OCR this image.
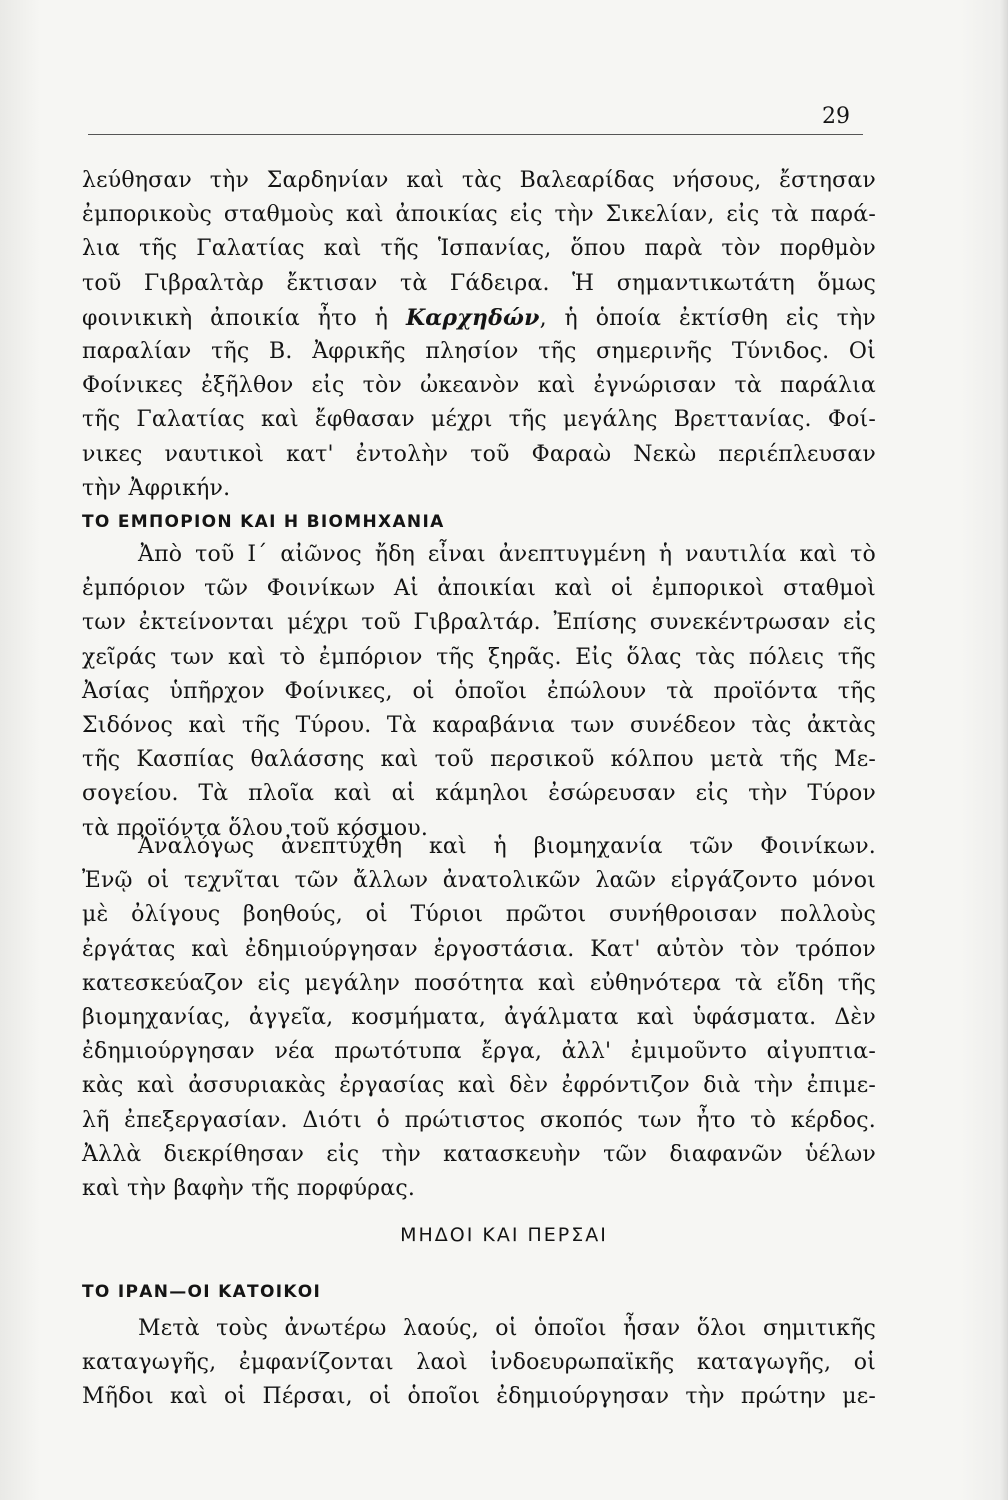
29
λεύθησαν τὴν Σαρδηνίαν καὶ τὰς Βαλεαρίδας νήσους, ἔστησαν
ἐμπορικοὺς σταθμοὺς καὶ ἀποικίας εἰς τὴν Σικελίαν, εἰς τὰ παρά-
λια τῆς Γαλατίας καὶ τῆς Ἱσπανίας, ὅπου παρὰ τὸν πορθμὸν
τοῦ Γιβραλτὰρ ἔκτισαν τὰ Γάδειρα. Ἡ σημαντικωτάτη ὅμως
φοινικικὴ ἀποικία ἦτο ἡ Καρχηδών, ἡ ὁποία ἐκτίσθη εἰς τὴν
παραλίαν τῆς Β. Ἀφρικῆς πλησίον τῆς σημερινῆς Τύνιδος. Οἱ
Φοίνικες ἐξῆλθον εἰς τὸν ὠκεανὸν καὶ ἐγνώρισαν τὰ παράλια
τῆς Γαλατίας καὶ ἔφθασαν μέχρι τῆς μεγάλης Βρεττανίας. Φοί-
νικες ναυτικοὶ κατ' ἐντολὴν τοῦ Φαραὼ Νεκὼ περιέπλευσαν
τὴν Ἀφρικήν.
ΤΟ ΕΜΠΟΡΙΟΝ ΚΑΙ Η ΒΙΟΜΗΧΑΝΙΑ
Ἀπὸ τοῦ Ι΄ αἰῶνος ἤδη εἶναι ἀνεπτυγμένη ἡ ναυτιλία καὶ τὸ
ἐμπόριον τῶν Φοινίκων Αἱ ἀποικίαι καὶ οἱ ἐμπορικοὶ σταθμοὶ
των ἐκτείνονται μέχρι τοῦ Γιβραλτάρ. Ἐπίσης συνεκέντρωσαν εἰς
χεῖράς των καὶ τὸ ἐμπόριον τῆς ξηρᾶς. Εἰς ὅλας τὰς πόλεις τῆς
Ἀσίας ὑπῆρχον Φοίνικες, οἱ ὁποῖοι ἐπώλουν τὰ προϊόντα τῆς
Σιδόνος καὶ τῆς Τύρου. Τὰ καραβάνια των συνέδεον τὰς ἀκτὰς
τῆς Κασπίας θαλάσσης καὶ τοῦ περσικοῦ κόλπου μετὰ τῆς Με-
σογείου. Τὰ πλοῖα καὶ αἱ κάμηλοι ἐσώρευσαν εἰς τὴν Τύρον
τὰ προϊόντα ὅλου τοῦ κόσμου.
Ἀναλόγως ἀνεπτύχθη καὶ ἡ βιομηχανία τῶν Φοινίκων.
Ἐνῷ οἱ τεχνῖται τῶν ἄλλων ἀνατολικῶν λαῶν εἰργάζοντο μόνοι
μὲ ὀλίγους βοηθούς, οἱ Τύριοι πρῶτοι συνήθροισαν πολλοὺς
ἐργάτας καὶ ἐδημιούργησαν ἐργοστάσια. Κατ' αὐτὸν τὸν τρόπον
κατεσκεύαζον εἰς μεγάλην ποσότητα καὶ εὐθηνότερα τὰ εἴδη τῆς
βιομηχανίας, ἀγγεῖα, κοσμήματα, ἀγάλματα καὶ ὑφάσματα. Δὲν
ἐδημιούργησαν νέα πρωτότυπα ἔργα, ἀλλ' ἐμιμοῦντο αἰγυπτια-
κὰς καὶ ἀσσυριακὰς ἐργασίας καὶ δὲν ἐφρόντιζον διὰ τὴν ἐπιμε-
λῆ ἐπεξεργασίαν. Διότι ὁ πρώτιστος σκοπός των ἦτο τὸ κέρδος.
Ἀλλὰ διεκρίθησαν εἰς τὴν κατασκευὴν τῶν διαφανῶν ὑέλων
καὶ τὴν βαφὴν τῆς πορφύρας.
ΜΗΔΟΙ ΚΑΙ ΠΕΡΣΑΙ
ΤΟ ΙΡΑΝ—ΟΙ ΚΑΤΟΙΚΟΙ
Μετὰ τοὺς ἀνωτέρω λαούς, οἱ ὁποῖοι ἦσαν ὅλοι σημιτικῆς
καταγωγῆς, ἐμφανίζονται λαοὶ ἰνδοευρωπαϊκῆς καταγωγῆς, οἱ
Μῆδοι καὶ οἱ Πέρσαι, οἱ ὁποῖοι ἐδημιούργησαν τὴν πρώτην με-
